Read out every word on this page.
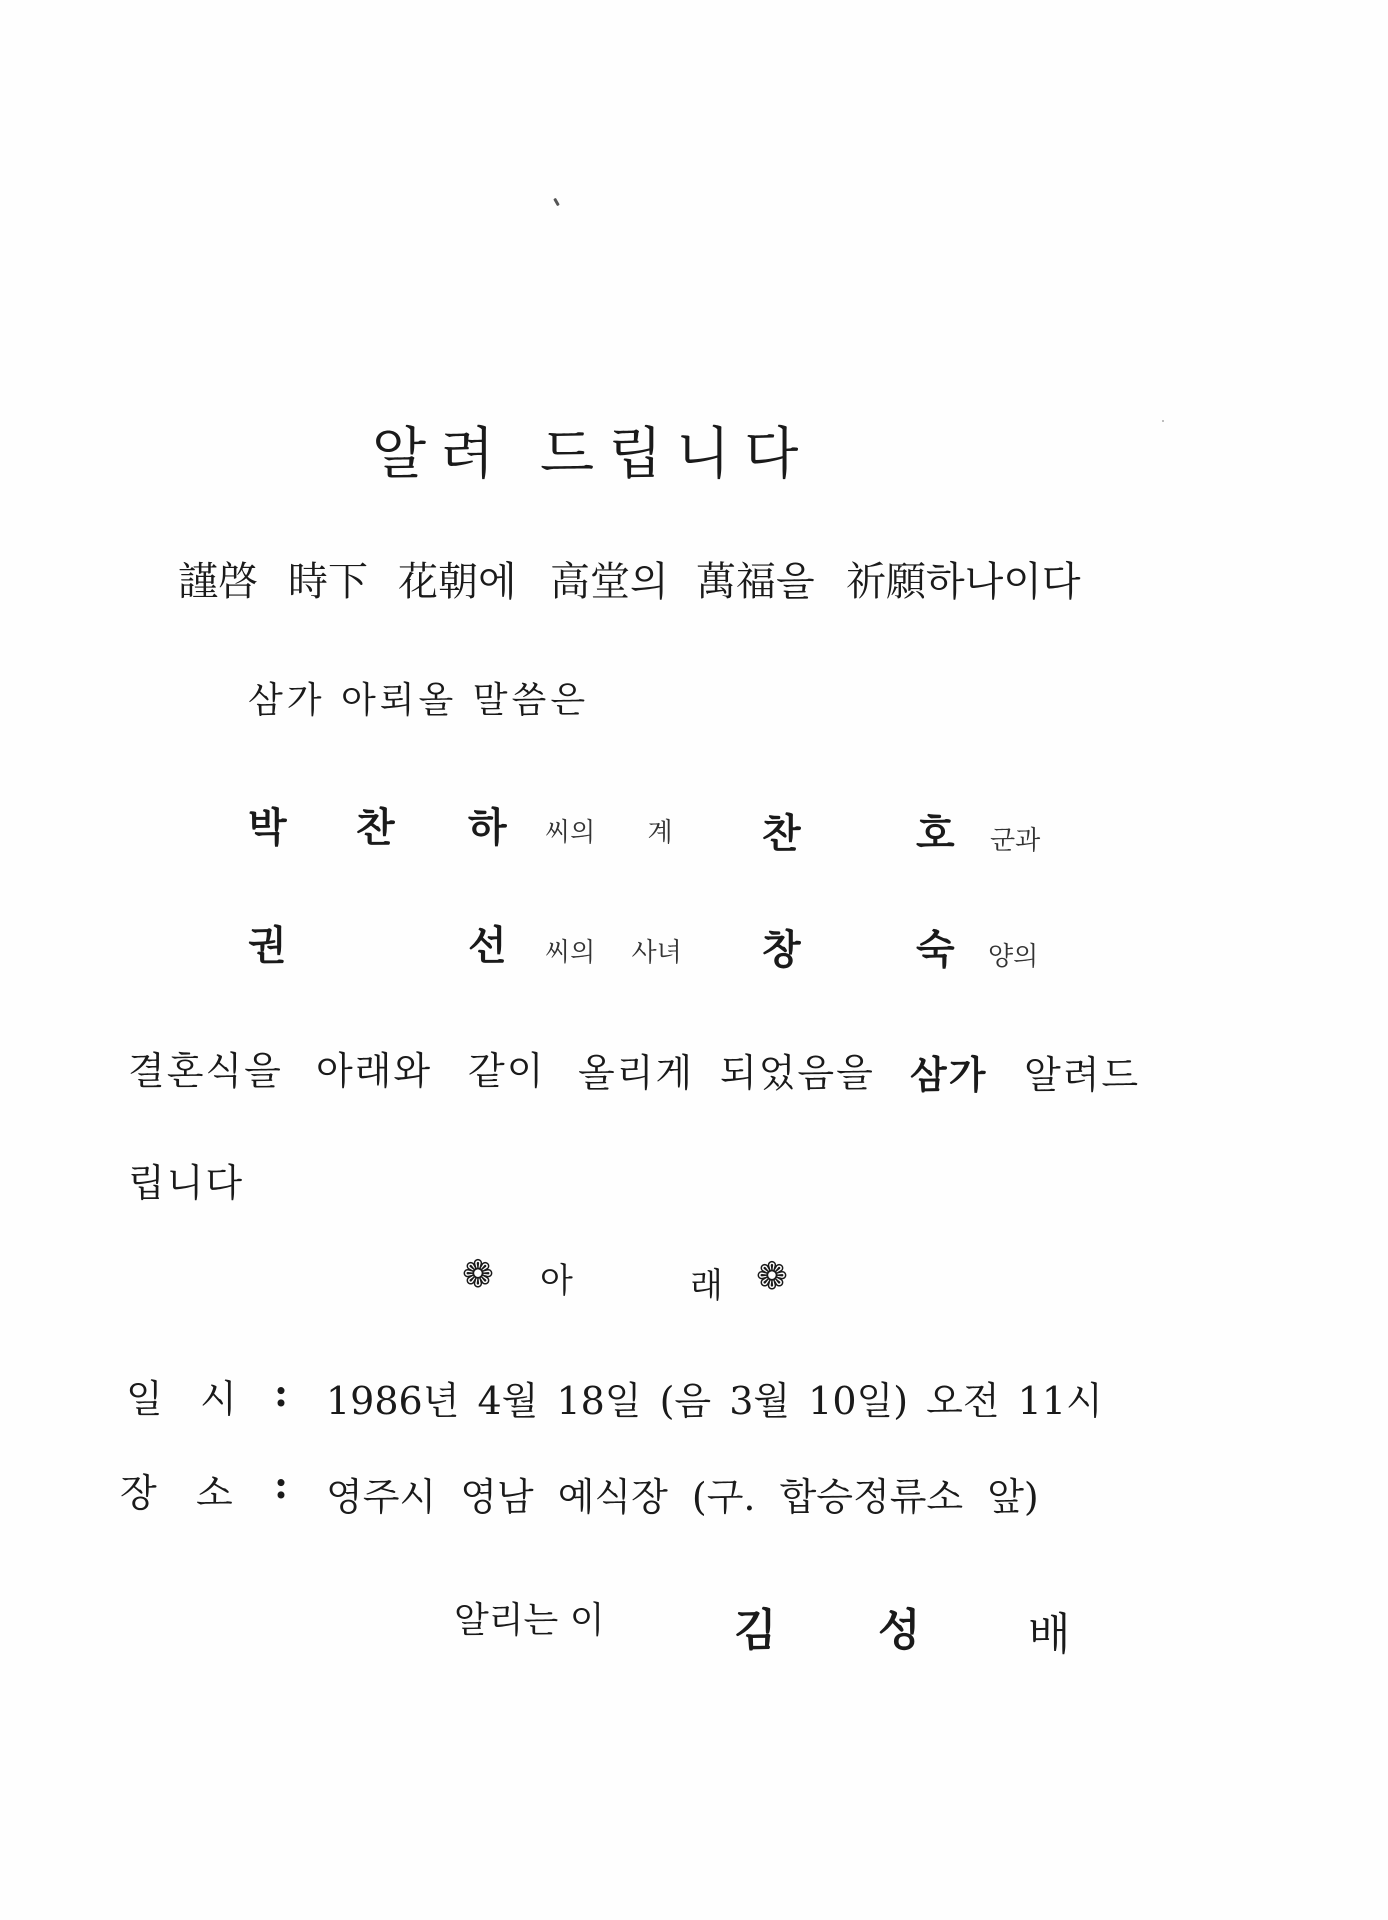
알려 드립니다
謹啓 時下 花朝에 高堂의 萬福을 祈願하나이다
삼가 아뢰올 말씀은
박 찬 하 씨의 계 찬	호 군과
권	선 씨의 사녀 창	숙 양의
결혼식을 아래와 같이 올리게 되었음을 삼가 알려드
립니다
❁ 아	래 ❁
일 시 : 1986년 4월 18일 (음 3월 10일) 오전 11시
장 소 : 영주시 영남 예식장 (구. 합승정류소 앞)
알리는 이	김 성 배
